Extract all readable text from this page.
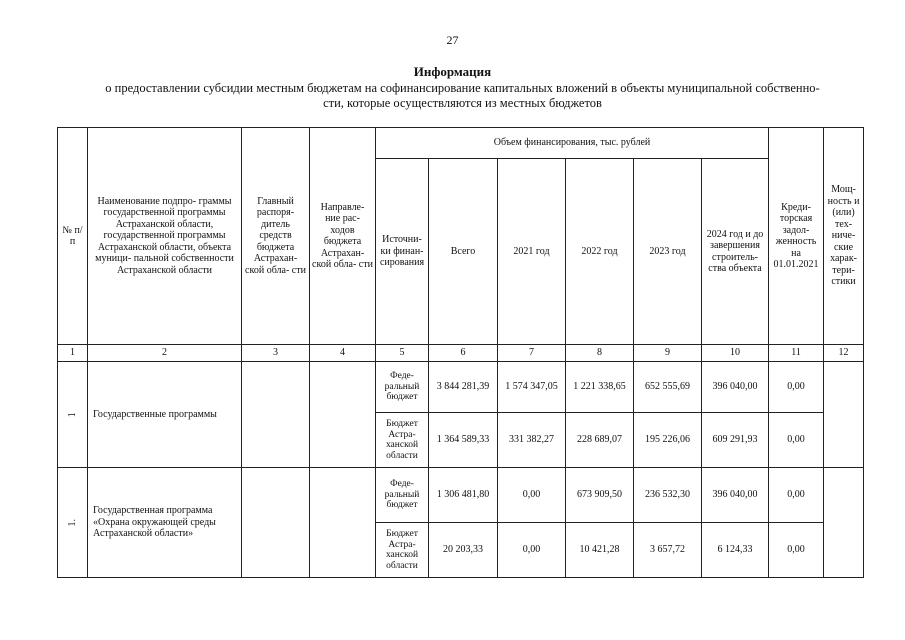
27
Информация
о предоставлении субсидии местным бюджетам на софинансирование капитальных вложений в объекты муниципальной собственно-
сти, которые осуществляются из местных бюджетов
№ п/п	Наименование подпро- граммы государственной программы Астраханской области, государственной программы Астраханской области, объекта муници- пальной собственности Астраханской области	Главный распоря- дитель средств бюджета Астрахан- ской обла- сти	Направле- ние рас- ходов бюджета Астрахан- ской обла- сти	Объем финансирования, тыс. рублей						Креди- торская задол- женность на 01.01.2021	Мощ- ность и (или) тех- ниче- ские харак- тери- стики
				Источни- ки финан- сирования	Всего	2021 год	2022 год	2023 год	2024 год и до завершения строитель- ства объекта		
1	2	3	4	5	6	7	8	9	10	11	12
1	Государственные программы			Феде- ральный бюджет	3 844 281,39	1 574 347,05	1 221 338,65	652 555,69	396 040,00	0,00	
				Бюджет Астра- ханской области	1 364 589,33	331 382,27	228 689,07	195 226,06	609 291,93	0,00	
1.	Государственная программа «Охрана окружающей среды Астраханской области»			Феде- ральный бюджет	1 306 481,80	0,00	673 909,50	236 532,30	396 040,00	0,00	
				Бюджет Астра- ханской области	20 203,33	0,00	10 421,28	3 657,72	6 124,33	0,00	
